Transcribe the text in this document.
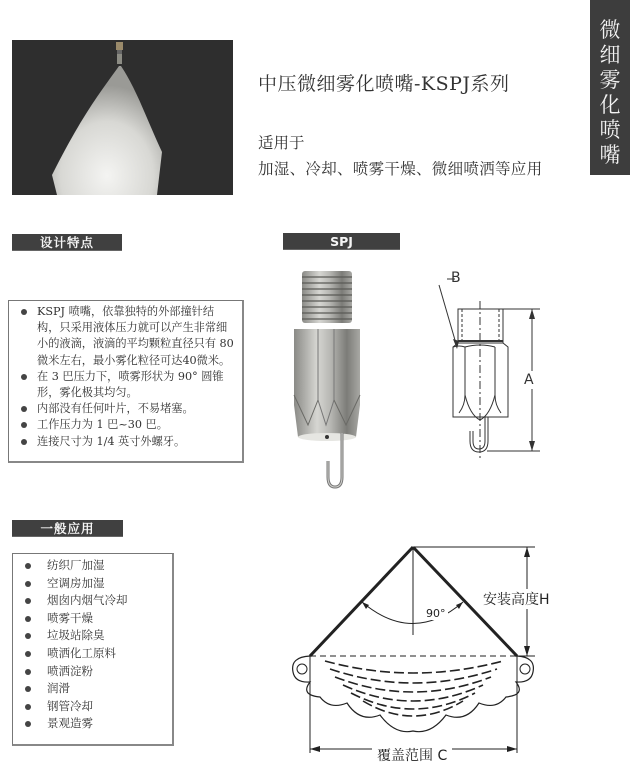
微细雾化喷嘴
中压微细雾化喷嘴-KSPJ系列
适用于
加湿、冷却、喷雾干燥、微细喷洒等应用
设计特点	SPJ
一般应用
KSPJ 喷嘴，依靠独特的外部撞针结构，只采用液体压力就可以产生非常细小的液滴，液滴的平均颗粒直径只有 80 微米左右，最小雾化粒径可达40微米。
在 3 巴压力下，喷雾形状为 90° 圆锥形，雾化极其均匀。
内部没有任何叶片，不易堵塞。
工作压力为 1 巴~30 巴。
连接尺寸为 1/4 英寸外螺牙。
纺织厂加湿
空调房加湿
烟囱内烟气冷却
喷雾干燥
垃圾站除臭
喷洒化工原料
喷洒淀粉
润滑
钢管冷却
景观造雾
B
A
安装高度H
90°
覆盖范围 C
